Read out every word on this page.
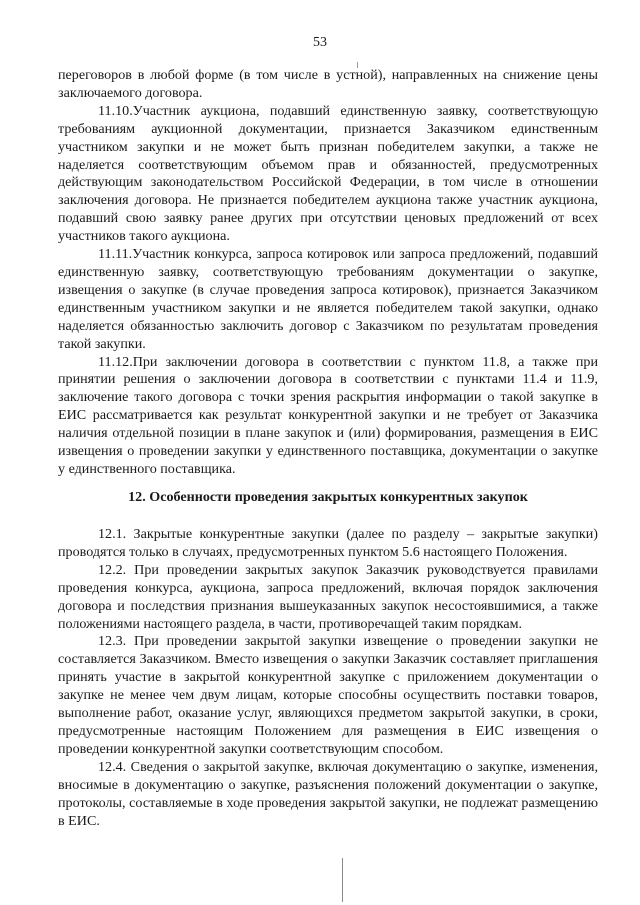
53

переговоров в любой форме (в том числе в устной), направленных на снижение цены заключаемого договора.

11.10.Участник аукциона, подавший единственную заявку, соответствующую требованиям аукционной документации, признается Заказчиком единственным участником закупки и не может быть признан победителем закупки, а также не наделяется соответствующим объемом прав и обязанностей, предусмотренных действующим законодательством Российской Федерации, в том числе в отношении заключения договора. Не признается победителем аукциона также участник аукциона, подавший свою заявку ранее других при отсутствии ценовых предложений от всех участников такого аукциона.

11.11.Участник конкурса, запроса котировок или запроса предложений, подавший единственную заявку, соответствующую требованиям документации о закупке, извещения о закупке (в случае проведения запроса котировок), признается Заказчиком единственным участником закупки и не является победителем такой закупки, однако наделяется обязанностью заключить договор с Заказчиком по результатам проведения такой закупки.

11.12.При заключении договора в соответствии с пунктом 11.8, а также при принятии решения о заключении договора в соответствии с пунктами 11.4 и 11.9, заключение такого договора с точки зрения раскрытия информации о такой закупке в ЕИС рассматривается как результат конкурентной закупки и не требует от Заказчика наличия отдельной позиции в плане закупок и (или) формирования, размещения в ЕИС извещения о проведении закупки у единственного поставщика, документации о закупке у единственного поставщика.

12. Особенности проведения закрытых конкурентных закупок

12.1. Закрытые конкурентные закупки (далее по разделу – закрытые закупки) проводятся только в случаях, предусмотренных пунктом 5.6 настоящего Положения.

12.2. При проведении закрытых закупок Заказчик руководствуется правилами проведения конкурса, аукциона, запроса предложений, включая порядок заключения договора и последствия признания вышеуказанных закупок несостоявшимися, а также положениями настоящего раздела, в части, противоречащей таким порядкам.

12.3. При проведении закрытой закупки извещение о проведении закупки не составляется Заказчиком. Вместо извещения о закупки Заказчик составляет приглашения принять участие в закрытой конкурентной закупке с приложением документации о закупке не менее чем двум лицам, которые способны осуществить поставки товаров, выполнение работ, оказание услуг, являющихся предметом закрытой закупки, в сроки, предусмотренные настоящим Положением для размещения в ЕИС извещения о проведении конкурентной закупки соответствующим способом.

12.4. Сведения о закрытой закупке, включая документацию о закупке, изменения, вносимые в документацию о закупке, разъяснения положений документации о закупке, протоколы, составляемые в ходе проведения закрытой закупки, не подлежат размещению в ЕИС.
